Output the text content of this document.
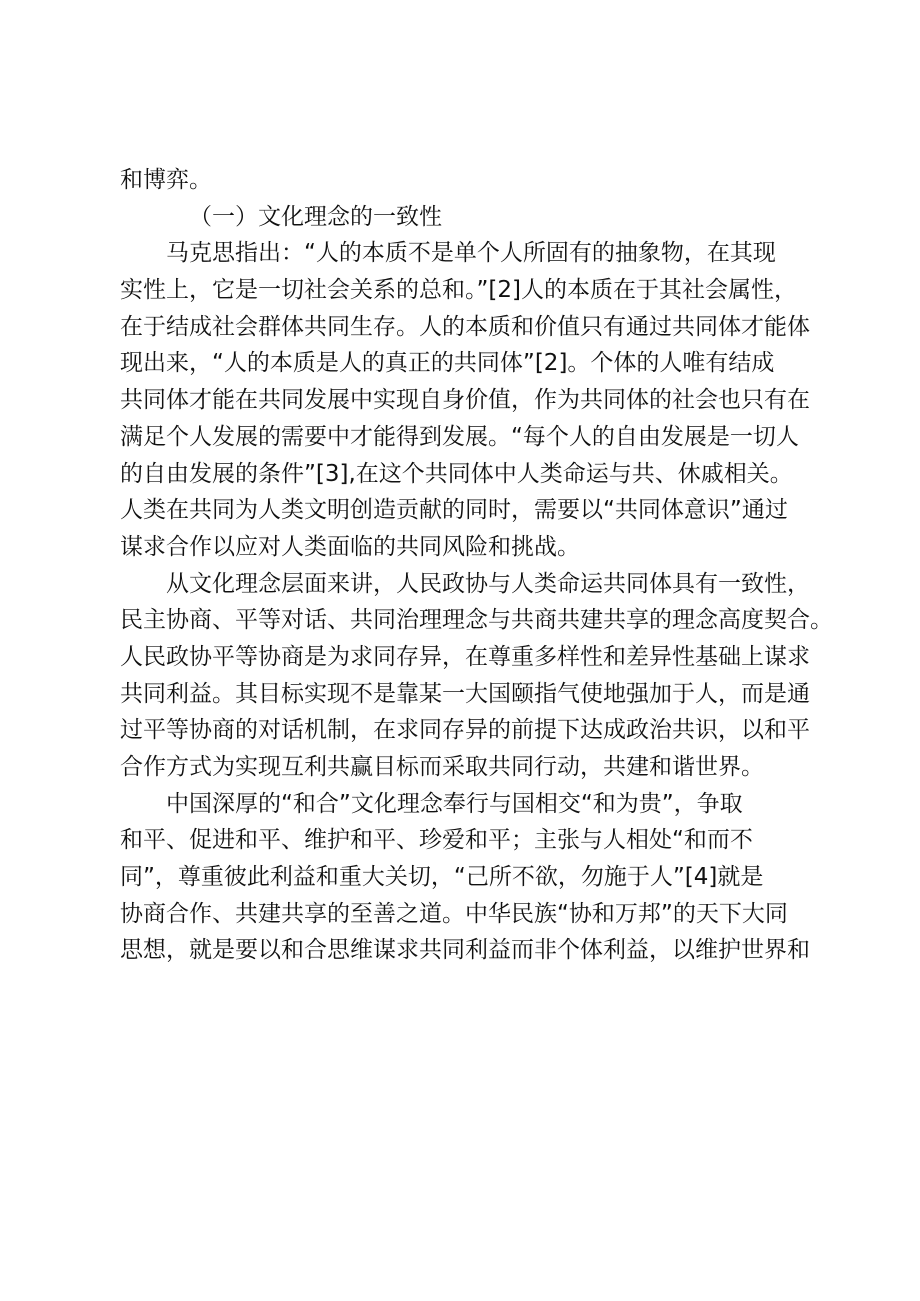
和博弈。
（一）文化理念的一致性
马克思指出：“人的本质不是单个人所固有的抽象物，在其现
实性上，它是一切社会关系的总和。”[2]人的本质在于其社会属性，
在于结成社会群体共同生存。人的本质和价值只有通过共同体才能体
现出来，“人的本质是人的真正的共同体”[2]。个体的人唯有结成
共同体才能在共同发展中实现自身价值，作为共同体的社会也只有在
满足个人发展的需要中才能得到发展。“每个人的自由发展是一切人
的自由发展的条件”[3],在这个共同体中人类命运与共、休戚相关。
人类在共同为人类文明创造贡献的同时，需要以“共同体意识”通过
谋求合作以应对人类面临的共同风险和挑战。
从文化理念层面来讲，人民政协与人类命运共同体具有一致性，
民主协商、平等对话、共同治理理念与共商共建共享的理念高度契合。
人民政协平等协商是为求同存异，在尊重多样性和差异性基础上谋求
共同利益。其目标实现不是靠某一大国颐指气使地强加于人，而是通
过平等协商的对话机制，在求同存异的前提下达成政治共识，以和平
合作方式为实现互利共赢目标而采取共同行动，共建和谐世界。
中国深厚的“和合”文化理念奉行与国相交“和为贵”，争取
和平、促进和平、维护和平、珍爱和平；主张与人相处“和而不
同”，尊重彼此利益和重大关切，“己所不欲，勿施于人”[4]就是
协商合作、共建共享的至善之道。中华民族“协和万邦”的天下大同
思想，就是要以和合思维谋求共同利益而非个体利益，以维护世界和
